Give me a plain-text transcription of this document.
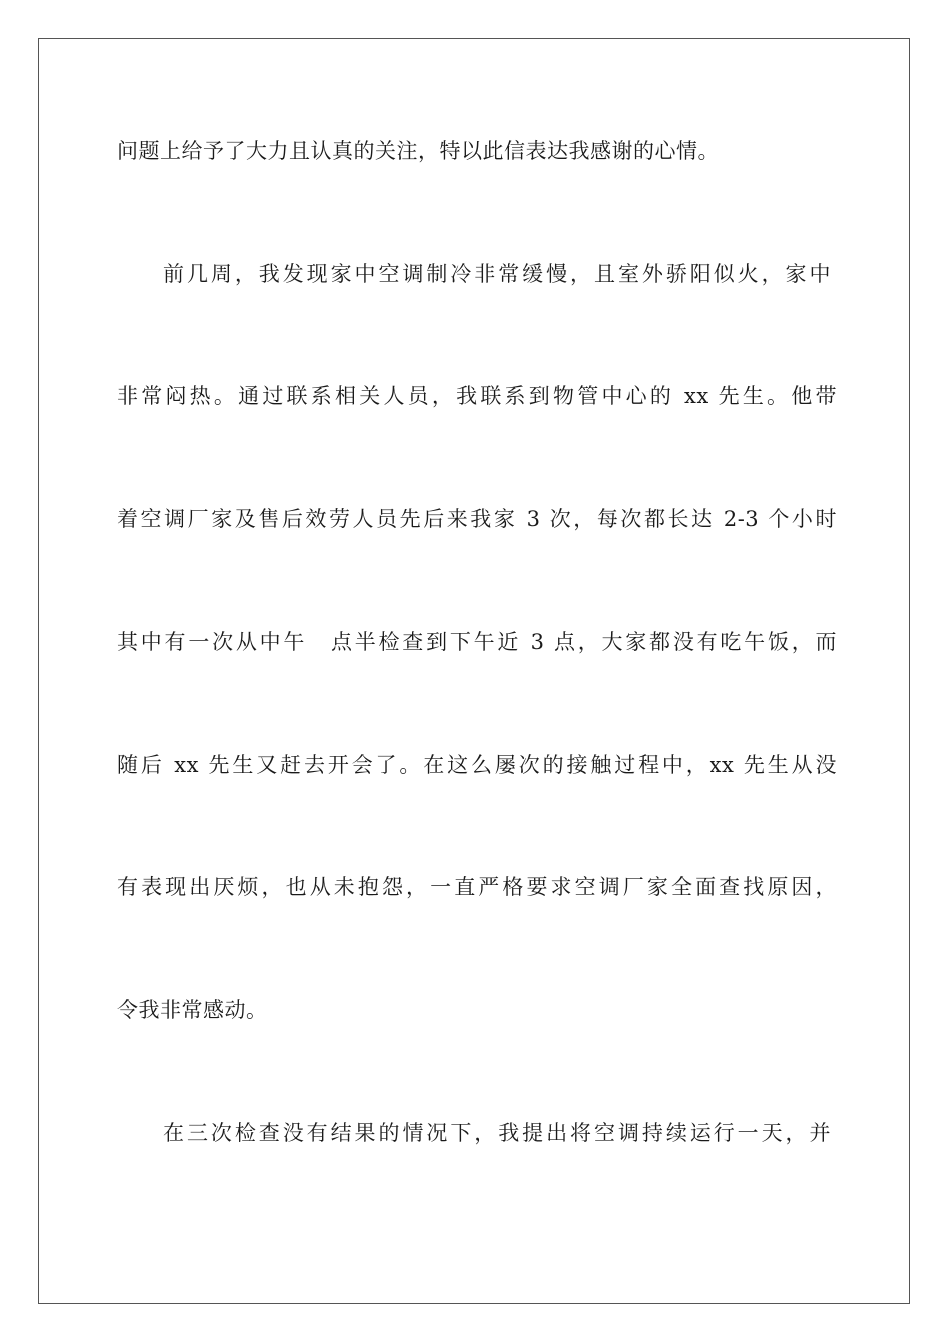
问题上给予了大力且认真的关注，特以此信表达我感谢的心情。
前几周，我发现家中空调制冷非常缓慢，且室外骄阳似火，家中
非常闷热。通过联系相关人员，我联系到物管中心的 xx 先生。他带
着空调厂家及售后效劳人员先后来我家 3 次，每次都长达 2-3 个小时
其中有一次从中午　点半检查到下午近 3 点，大家都没有吃午饭，而
随后 xx 先生又赶去开会了。在这么屡次的接触过程中，xx 先生从没
有表现出厌烦，也从未抱怨，一直严格要求空调厂家全面查找原因，
令我非常感动。
在三次检查没有结果的情况下，我提出将空调持续运行一天，并
